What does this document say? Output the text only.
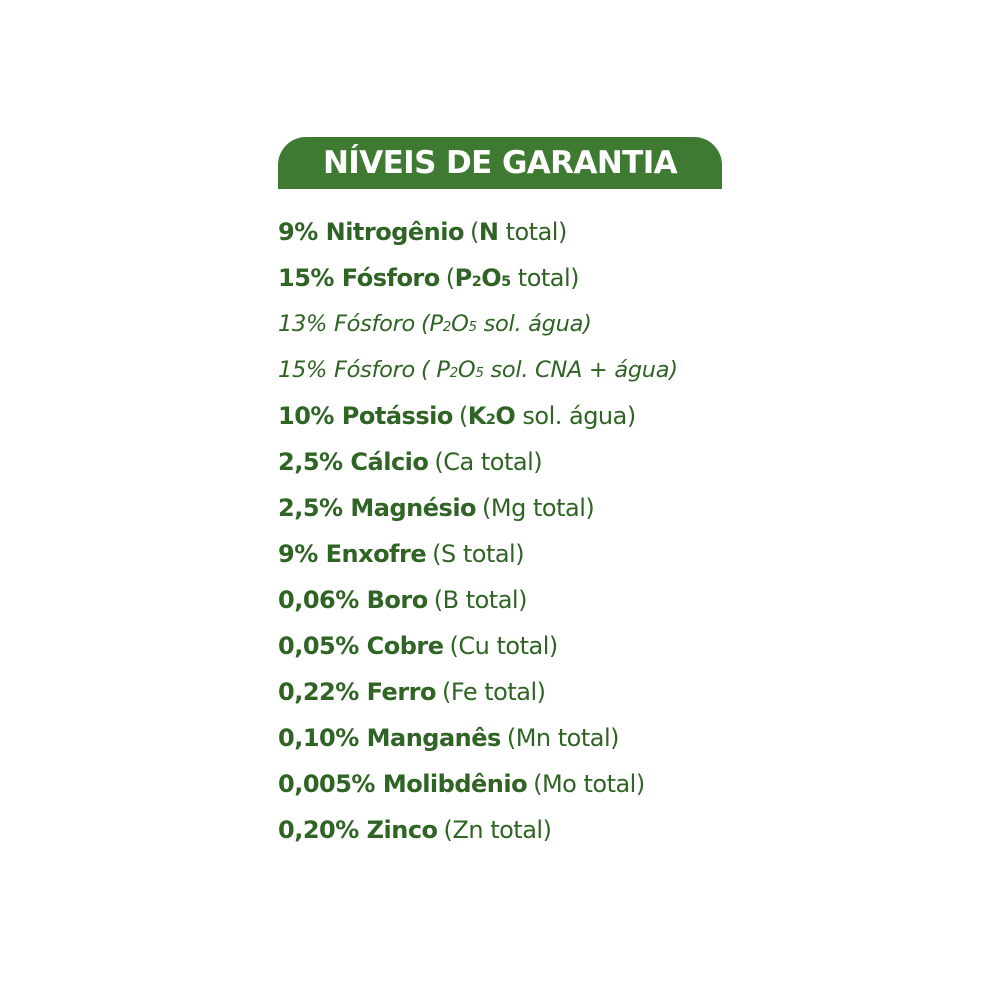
NÍVEIS DE GARANTIA
9% Nitrogênio (N total)
15% Fósforo (P2O5 total)
13% Fósforo (P2O5 sol. água)
15% Fósforo ( P2O5 sol. CNA + água)
10% Potássio (K2O sol. água)
2,5% Cálcio (Ca total)
2,5% Magnésio (Mg total)
9% Enxofre (S total)
0,06% Boro (B total)
0,05% Cobre (Cu total)
0,22% Ferro (Fe total)
0,10% Manganês (Mn total)
0,005% Molibdênio (Mo total)
0,20% Zinco (Zn total)
